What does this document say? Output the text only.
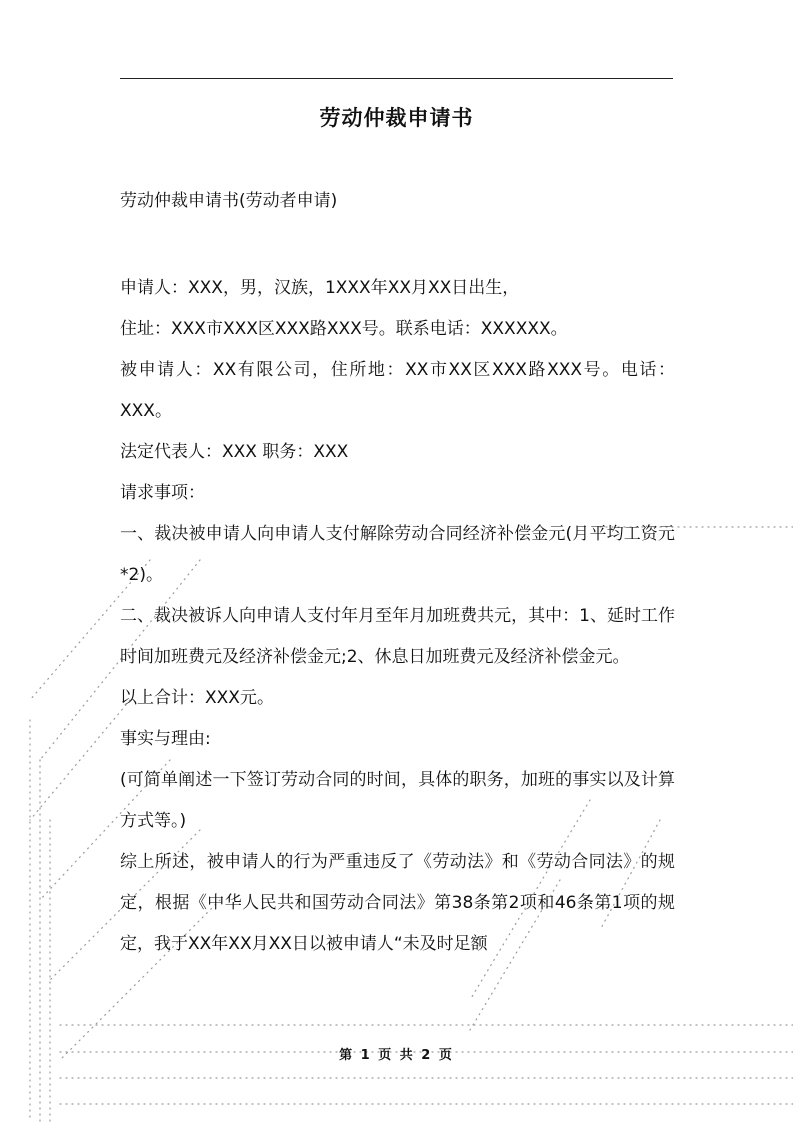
劳动仲裁申请书
劳动仲裁申请书(劳动者申请)

申请人：XXX，男，汉族，1XXX年XX月XX日出生，

住址：XXX市XXX区XXX路XXX号。联系电话：XXXXXX。

被申请人：XX有限公司，住所地：XX市XX区XXX路XXX号。电话：XXX。

法定代表人：XXX 职务：XXX

请求事项：

一、裁决被申请人向申请人支付解除劳动合同经济补偿金元(月平均工资元*2)。

二、裁决被诉人向申请人支付年月至年月加班费共元，其中：1、延时工作时间加班费元及经济补偿金元;2、休息日加班费元及经济补偿金元。

以上合计：XXX元。

事实与理由:

(可简单阐述一下签订劳动合同的时间，具体的职务，加班的事实以及计算方式等。)

综上所述，被申请人的行为严重违反了《劳动法》和《劳动合同法》的规定，根据《中华人民共和国劳动合同法》第38条第2项和46条第1项的规定，我于XX年XX月XX日以被申请人“未及时足额

第 1 页 共 2 页
